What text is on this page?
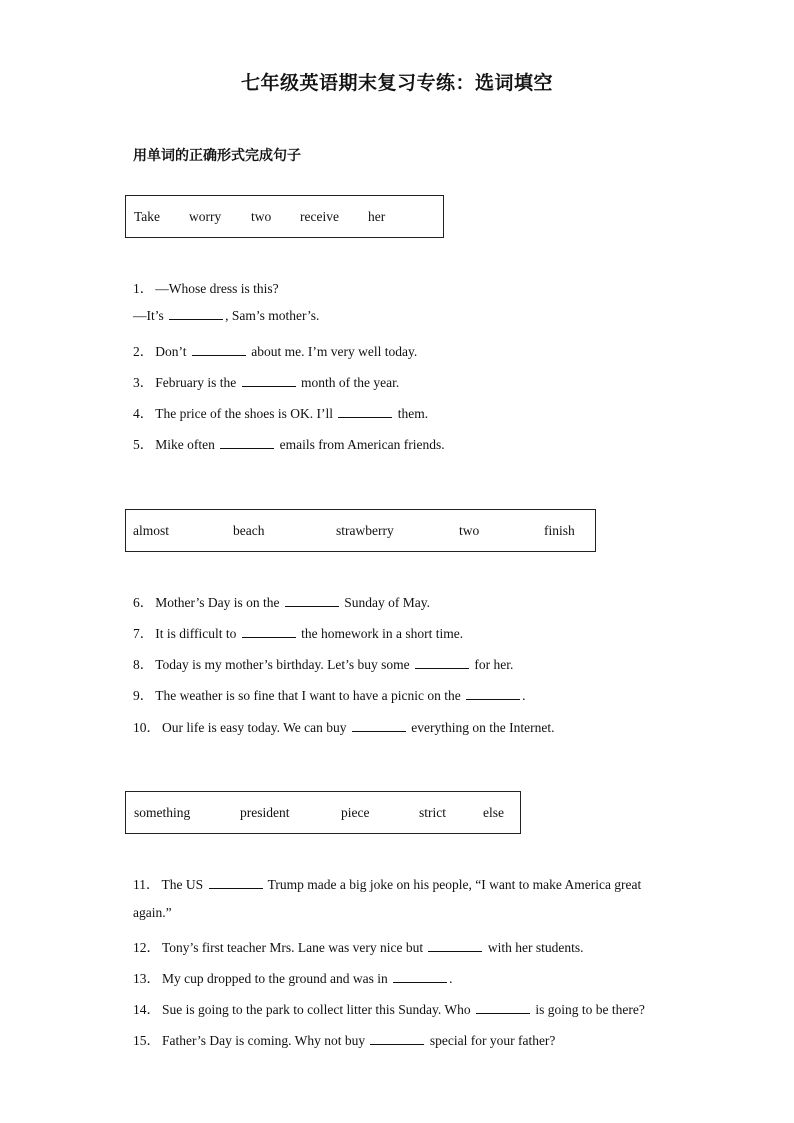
七年级英语期末复习专练：选词填空
用单词的正确形式完成句子
Take worry two receive her
1． —Whose dress is this?
—It’s	, Sam’s mother’s.
2． Don’t	about me. I’m very well today.
3． February is the	month of the year.
4． The price of the shoes is OK. I’ll	them.
5． Mike often	emails from American friends.
almost	beach	strawberry	two	finish
6． Mother’s Day is on the	Sunday of May.
7． It is difficult to	the homework in a short time.
8． Today is my mother’s birthday. Let’s buy some	for her.
9． The weather is so fine that I want to have a picnic on the	.
10． Our life is easy today. We can buy	everything on the Internet.
something	president	piece	strict	else
11． The US	Trump made a big joke on his people, “I want to make America great
again.”
12． Tony’s first teacher Mrs. Lane was very nice but	with her students.
13． My cup dropped to the ground and was in	.
14． Sue is going to the park to collect litter this Sunday. Who	is going to be there?
15． Father’s Day is coming. Why not buy	special for your father?
